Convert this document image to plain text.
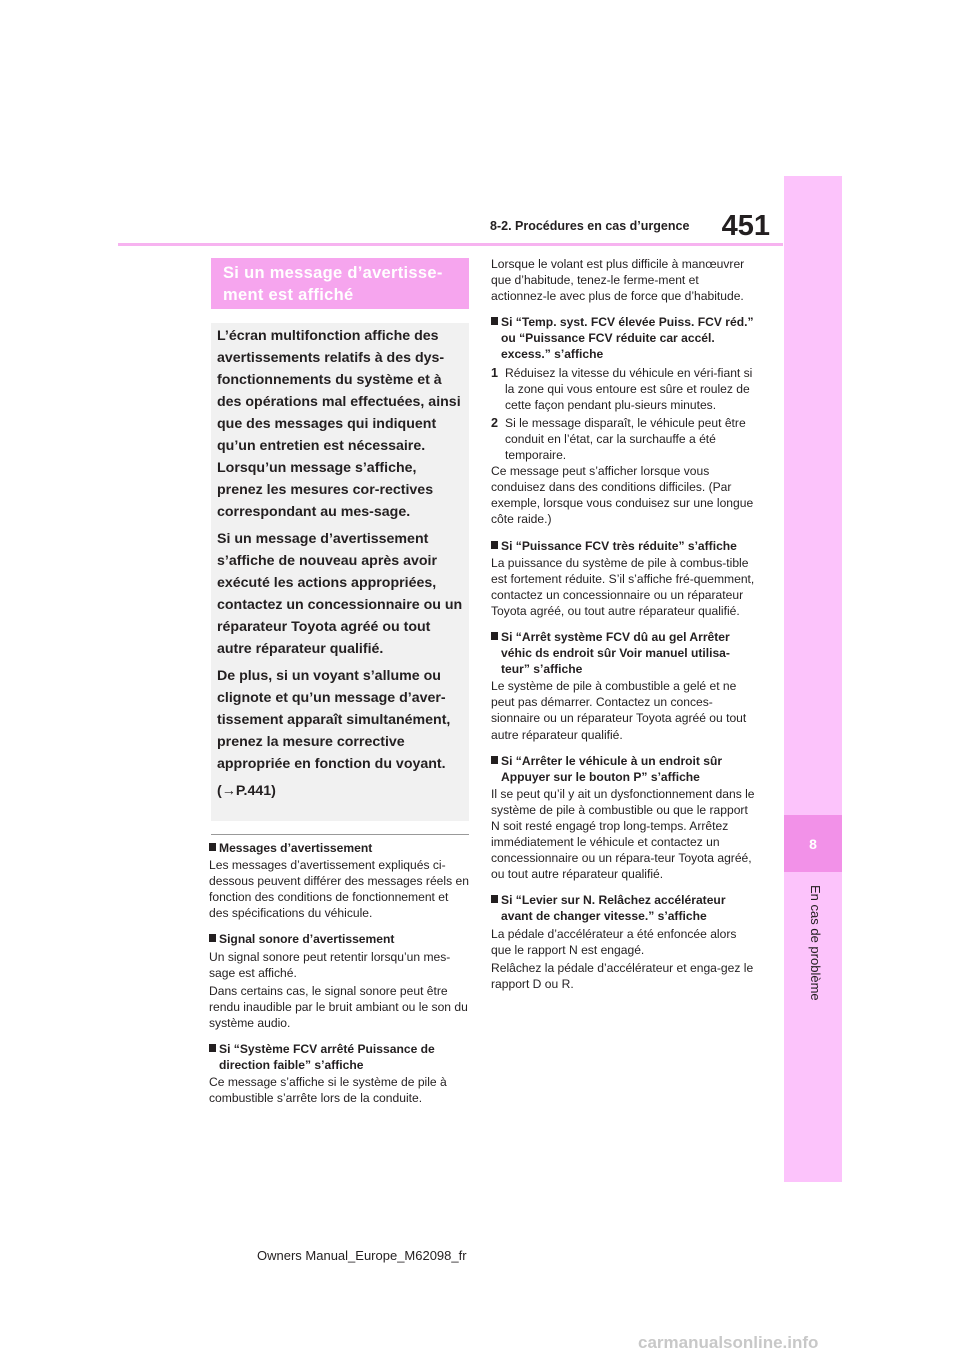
451
8-2. Procédures en cas d’urgence
8
En cas de problème
Si un message d’avertisse-
ment est affiché

L’écran multifonction affiche des avertissements relatifs à des dys-fonctionnements du système et à des opérations mal effectuées, ainsi que des messages qui indiquent qu’un entretien est nécessaire. Lorsqu’un message s’affiche, prenez les mesures cor-rectives correspondant au mes-sage.

Si un message d’avertissement s’affiche de nouveau après avoir exécuté les actions appropriées, contactez un concessionnaire ou un réparateur Toyota agréé ou tout autre réparateur qualifié.

De plus, si un voyant s’allume ou clignote et qu’un message d’aver-tissement apparaît simultanément, prenez la mesure corrective appropriée en fonction du voyant.

(→P.441)

Messages d’avertissement

Les messages d’avertissement expliqués ci-dessous peuvent différer des messages réels en fonction des conditions de fonctionnement et des spécifications du véhicule.

Signal sonore d’avertissement

Un signal sonore peut retentir lorsqu’un mes-sage est affiché.

Dans certains cas, le signal sonore peut être rendu inaudible par le bruit ambiant ou le son du système audio.

Si “Système FCV arrêté Puissance de direction faible” s’affiche

Ce message s’affiche si le système de pile à combustible s’arrête lors de la conduite.

Lorsque le volant est plus difficile à manœuvrer que d’habitude, tenez-le ferme-ment et actionnez-le avec plus de force que d’habitude.

Si “Temp. syst. FCV élevée Puiss. FCV réd.” ou “Puissance FCV réduite car accél. excess.” s’affiche
1 Réduisez la vitesse du véhicule en véri-fiant si la zone qui vous entoure est sûre et roulez de cette façon pendant plu-sieurs minutes.
2 Si le message disparaît, le véhicule peut être conduit en l’état, car la surchauffe a été temporaire.

Ce message peut s’afficher lorsque vous conduisez dans des conditions difficiles. (Par exemple, lorsque vous conduisez sur une longue côte raide.)

Si “Puissance FCV très réduite” s’affiche

La puissance du système de pile à combus-tible est fortement réduite. S’il s’affiche fré-quemment, contactez un concessionnaire ou un réparateur Toyota agréé, ou tout autre réparateur qualifié.

Si “Arrêt système FCV dû au gel Arrêter véhic ds endroit sûr Voir manuel utilisa-teur” s’affiche

Le système de pile à combustible a gelé et ne peut pas démarrer. Contactez un conces-sionnaire ou un réparateur Toyota agréé ou tout autre réparateur qualifié.

Si “Arrêter le véhicule à un endroit sûr Appuyer sur le bouton P” s’affiche

Il se peut qu’il y ait un dysfonctionnement dans le système de pile à combustible ou que le rapport N soit resté engagé trop long-temps. Arrêtez immédiatement le véhicule et contactez un concessionnaire ou un répara-teur Toyota agréé, ou tout autre réparateur qualifié.

Si “Levier sur N. Relâchez accélérateur avant de changer vitesse.” s’affiche

La pédale d’accélérateur a été enfoncée alors que le rapport N est engagé.

Relâchez la pédale d’accélérateur et enga-gez le rapport D ou R.

Owners Manual_Europe_M62098_fr
carmanualsonline.info
